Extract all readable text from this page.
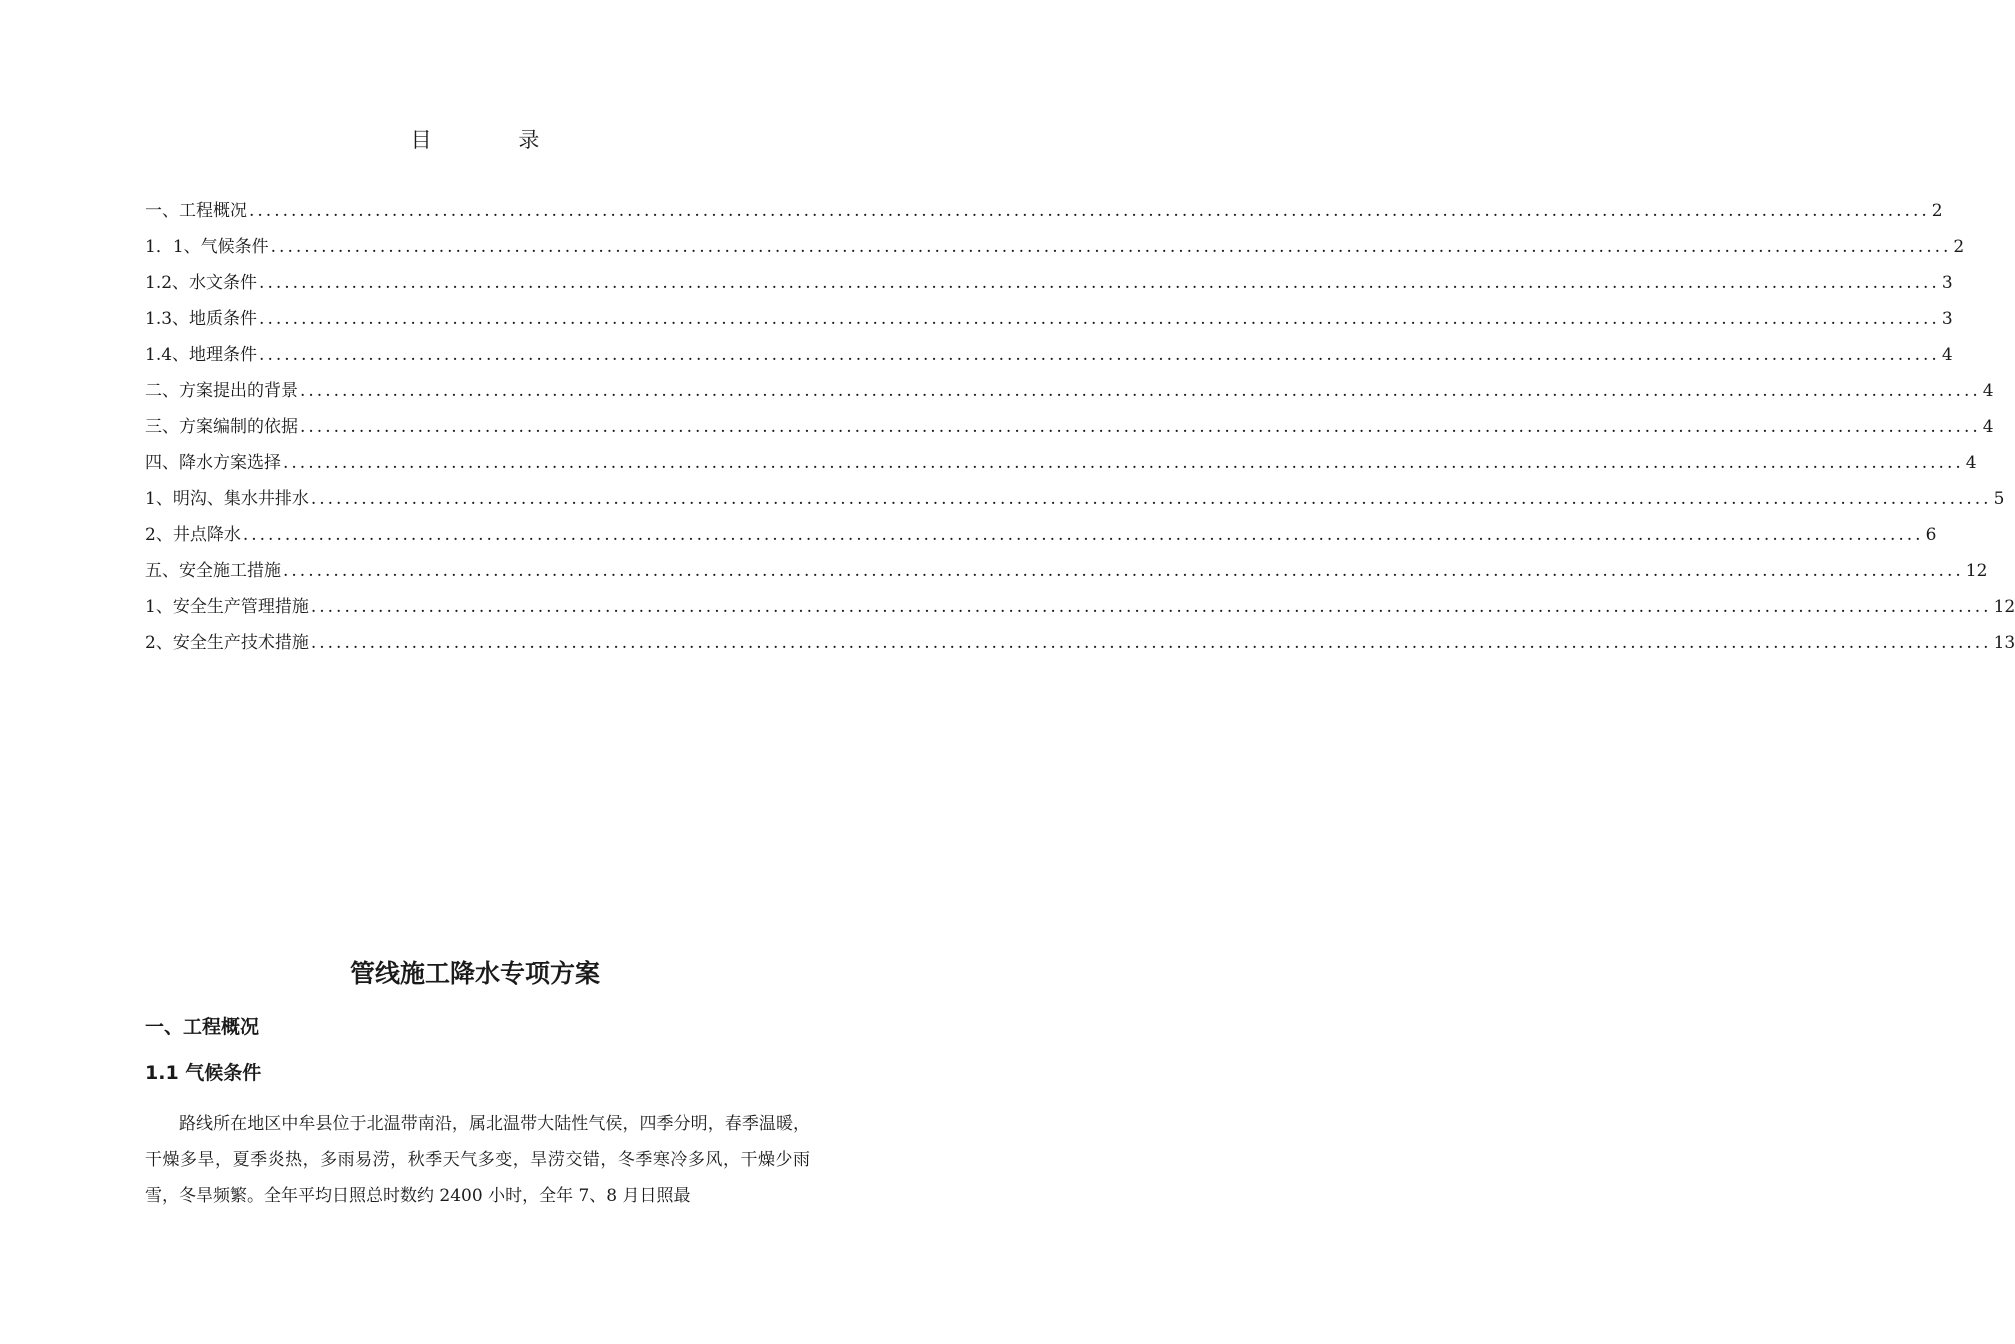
目 录
一、工程概况 ........................................................................................................................................................................................................ 2
1．1、气候条件 ........................................................................................................................................................................................................ 2
1.2、水文条件 ........................................................................................................................................................................................................ 3
1.3、地质条件 ........................................................................................................................................................................................................ 3
1.4、地理条件 ........................................................................................................................................................................................................ 4
二、方案提出的背景 ........................................................................................................................................................................................................ 4
三、方案编制的依据 ........................................................................................................................................................................................................ 4
四、降水方案选择 ........................................................................................................................................................................................................ 4
1、明沟、集水井排水 ........................................................................................................................................................................................................ 5
2、井点降水 ........................................................................................................................................................................................................ 6
五、安全施工措施 ........................................................................................................................................................................................................ 12
1、安全生产管理措施 ........................................................................................................................................................................................................ 12
2、安全生产技术措施 ........................................................................................................................................................................................................ 13
管线施工降水专项方案
一、工程概况
1.1 气候条件
路线所在地区中牟县位于北温带南沿，属北温带大陆性气侯，四季分明，春季温暖，干燥多旱，夏季炎热，多雨易涝，秋季天气多变，旱涝交错，冬季寒冷多风，干燥少雨雪，冬旱频繁。全年平均日照总时数约 2400 小时，全年 7、8 月日照最
